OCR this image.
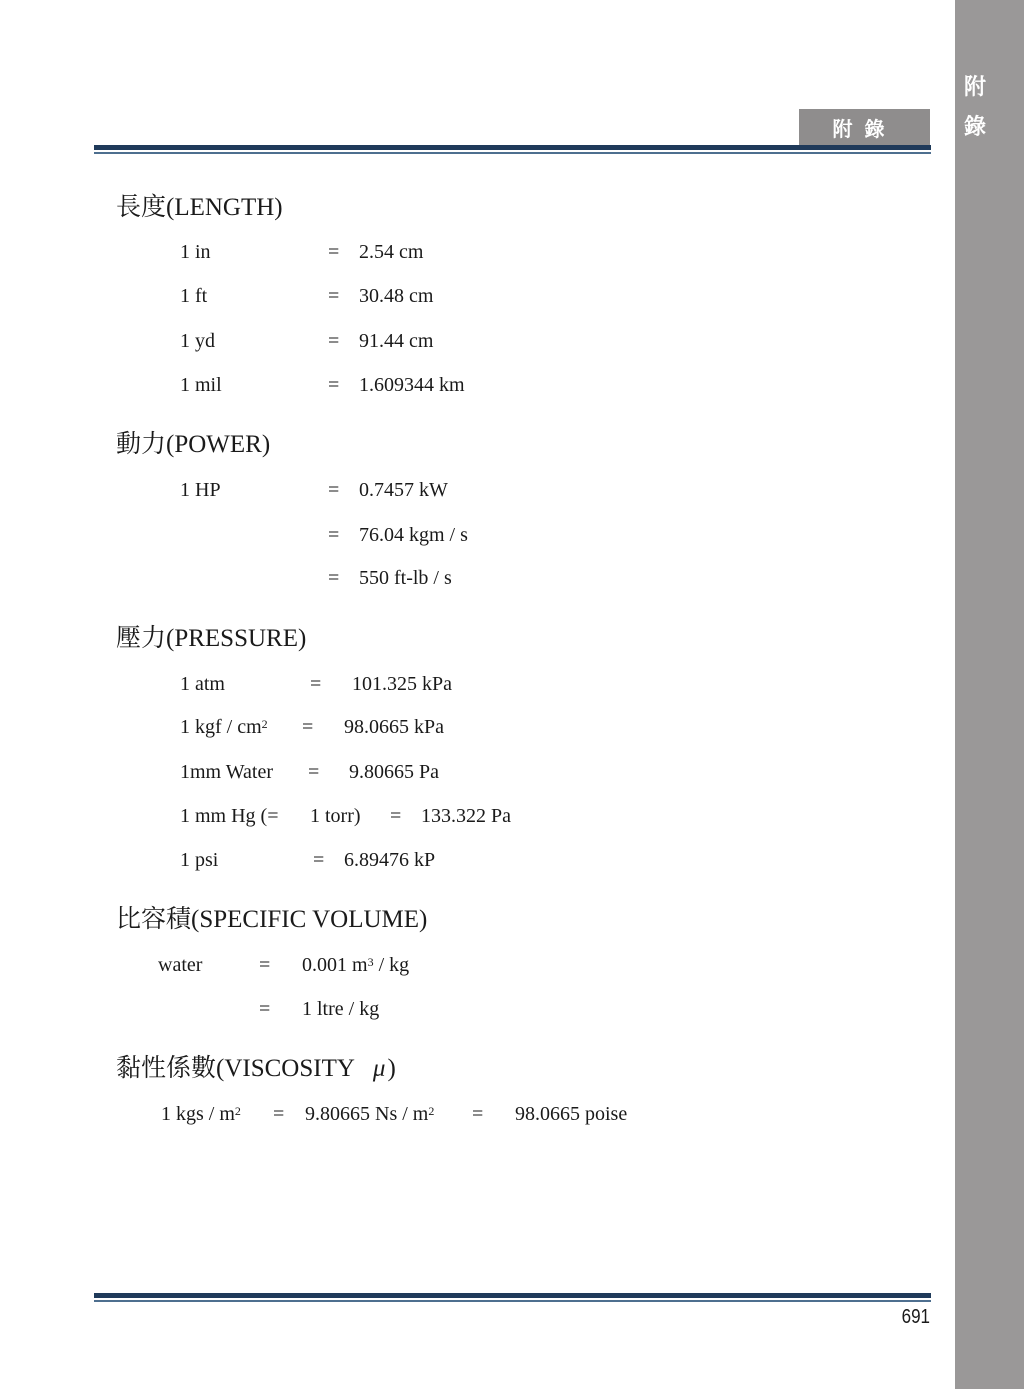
附
錄
附錄
長度(LENGTH)
1 in	= 2.54 cm
1 ft	= 30.48 cm
1 yd	= 91.44 cm
1 mil	= 1.609344 km
動力(POWER)
1 HP	= 0.7457 kW
= 76.04 kgm / s
= 550 ft-lb / s
壓力(PRESSURE)
1 atm	= 101.325 kPa
1 kgf / $cm^2 = 98.0665$ kPa
1mm Water = 9.80665 Pa
1 mm Hg (= 1 torr) = 133.322 Pa
1 psi	= 6.89476 kP
比容積(SPECIFIC VOLUME)
water	= 0.001 $m^3$ / kg
= 1 ltre / kg
黏性係數(VISCOSITY μ)
1 kgs / $m^2 = 9.80665$ $Ns / m^2 = 98.0665$ poise
691
